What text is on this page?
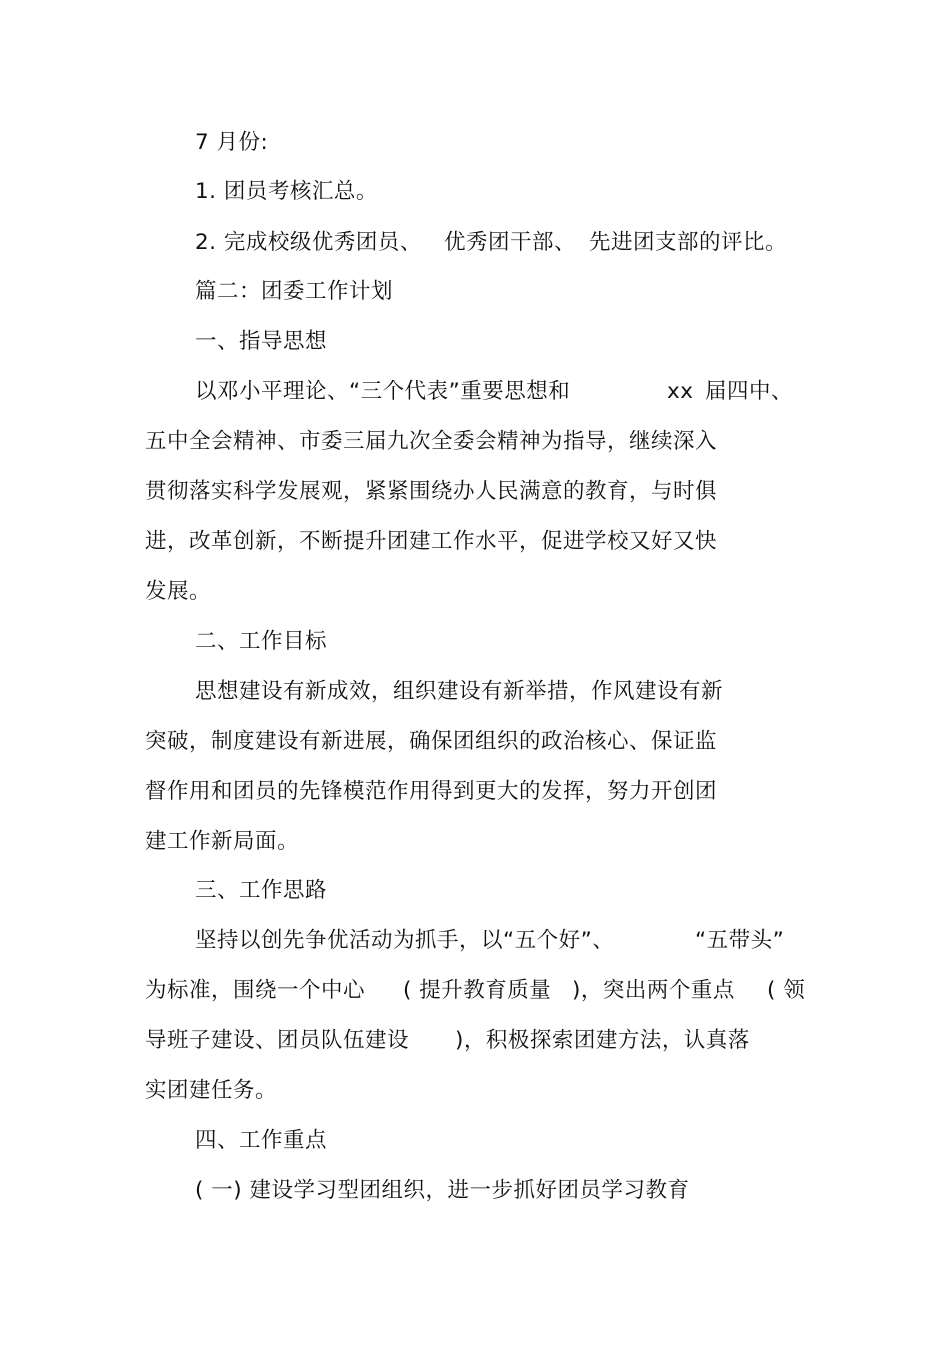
7 月份:
1. 团员考核汇总。
2. 完成校级优秀团员、 优秀团干部、 先进团支部的评比。
篇二：团委工作计划
一、指导思想
以邓小平理论、“三个代表”重要思想和	xx 届四中、
五中全会精神、市委三届九次全委会精神为指导，继续深入
贯彻落实科学发展观，紧紧围绕办人民满意的教育，与时俱
进，改革创新，不断提升团建工作水平，促进学校又好又快
发展。
二、工作目标
思想建设有新成效，组织建设有新举措，作风建设有新
突破，制度建设有新进展，确保团组织的政治核心、保证监
督作用和团员的先锋模范作用得到更大的发挥，努力开创团
建工作新局面。
三、工作思路
坚持以创先争优活动为抓手，以“五个好”、	“五带头”
为标准，围绕一个中心 ( 提升教育质量 )，突出两个重点 ( 领
导班子建设、团员队伍建设 )，积极探索团建方法，认真落
实团建任务。
四、工作重点
( 一) 建设学习型团组织，进一步抓好团员学习教育
